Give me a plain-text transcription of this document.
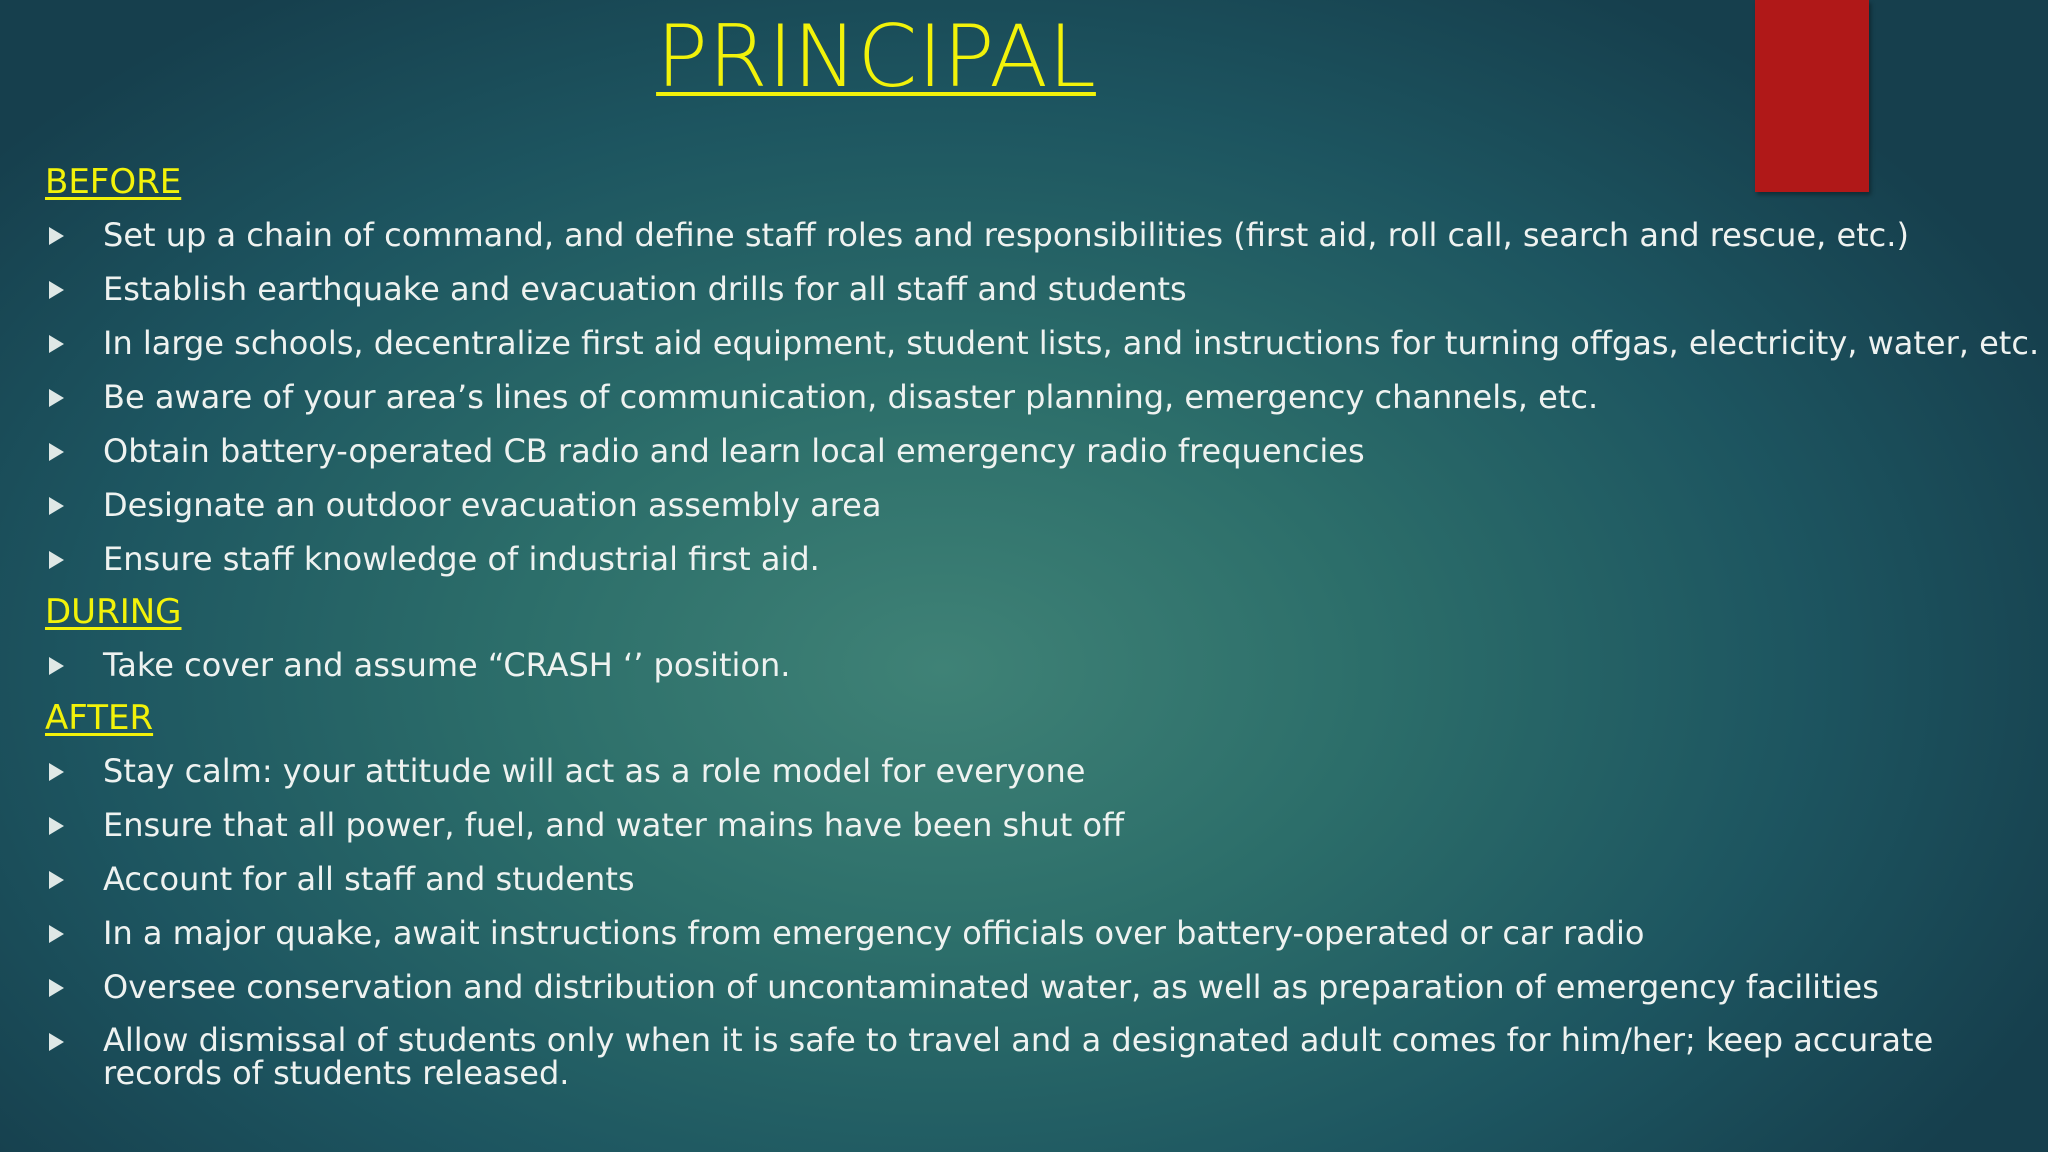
PRINCIPAL
BEFORE
Set up a chain of command, and define staff roles and responsibilities (first aid, roll call, search and rescue, etc.)
Establish earthquake and evacuation drills for all staff and students
In large schools, decentralize first aid equipment, student lists, and instructions for turning offgas, electricity, water, etc.
Be aware of your area’s lines of communication, disaster planning, emergency channels, etc.
Obtain battery-operated CB radio and learn local emergency radio frequencies
Designate an outdoor evacuation assembly area
Ensure staff knowledge of industrial first aid.
DURING
Take cover and assume “CRASH ‘’ position.
AFTER
Stay calm: your attitude will act as a role model for everyone
Ensure that all power, fuel, and water mains have been shut off
Account for all staff and students
In a major quake, await instructions from emergency officials over battery-operated or car radio
Oversee conservation and distribution of uncontaminated water, as well as preparation of emergency facilities
Allow dismissal of students only when it is safe to travel and a designated adult comes for him/her; keep accurate records of students released.
